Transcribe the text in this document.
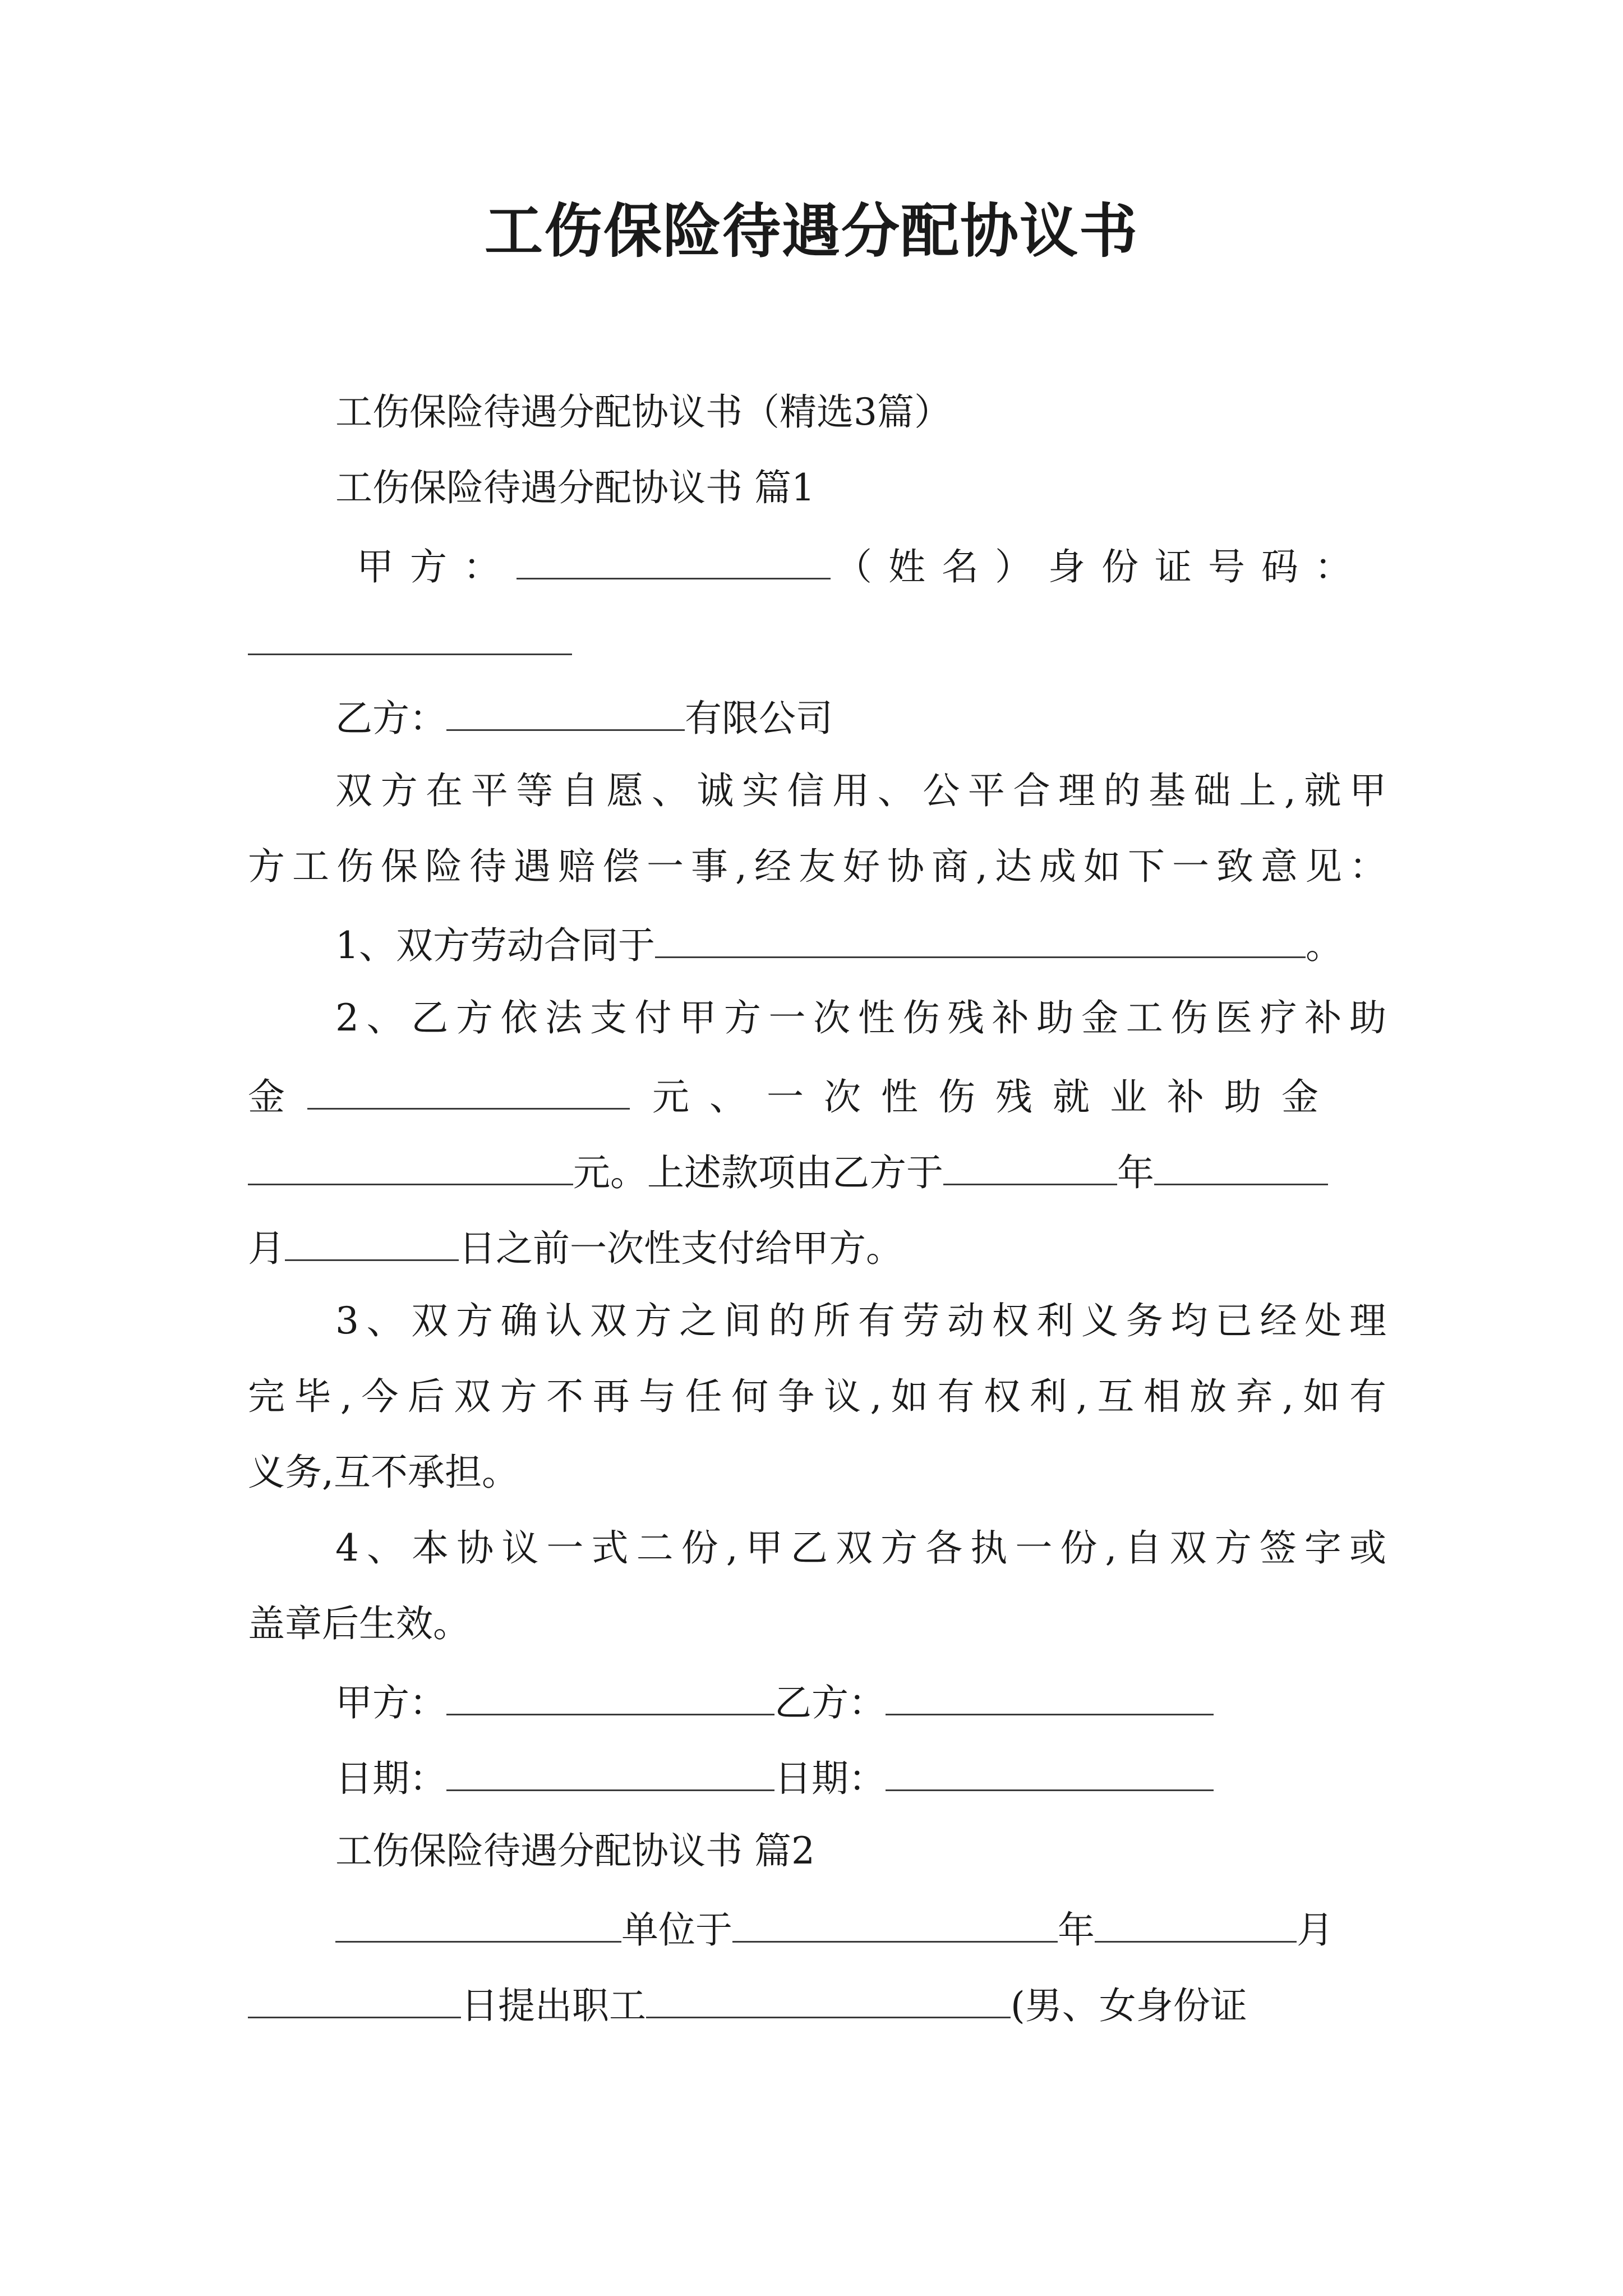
工伤保险待遇分配协议书
工伤保险待遇分配协议书（精选3篇）
工伤保险待遇分配协议书 篇1
甲方：	（姓名）身份证号码：
乙方：	有限公司
双方在平等自愿、诚实信用、公平合理的基础上,就甲
方工伤保险待遇赔偿一事,经友好协商,达成如下一致意见：
1、双方劳动合同于	。
2、乙方依法支付甲方一次性伤残补助金工伤医疗补助
金	元、一次性伤残就业补助金
元。上述款项由乙方于	年
月	日之前一次性支付给甲方。
3、双方确认双方之间的所有劳动权利义务均已经处理
完毕,今后双方不再与任何争议,如有权利,互相放弃,如有
义务,互不承担。
4、本协议一式二份,甲乙双方各执一份,自双方签字或
盖章后生效。
甲方：	乙方：
日期：	日期：
工伤保险待遇分配协议书 篇2
单位于	年	月
日提出职工	(男、女身份证
